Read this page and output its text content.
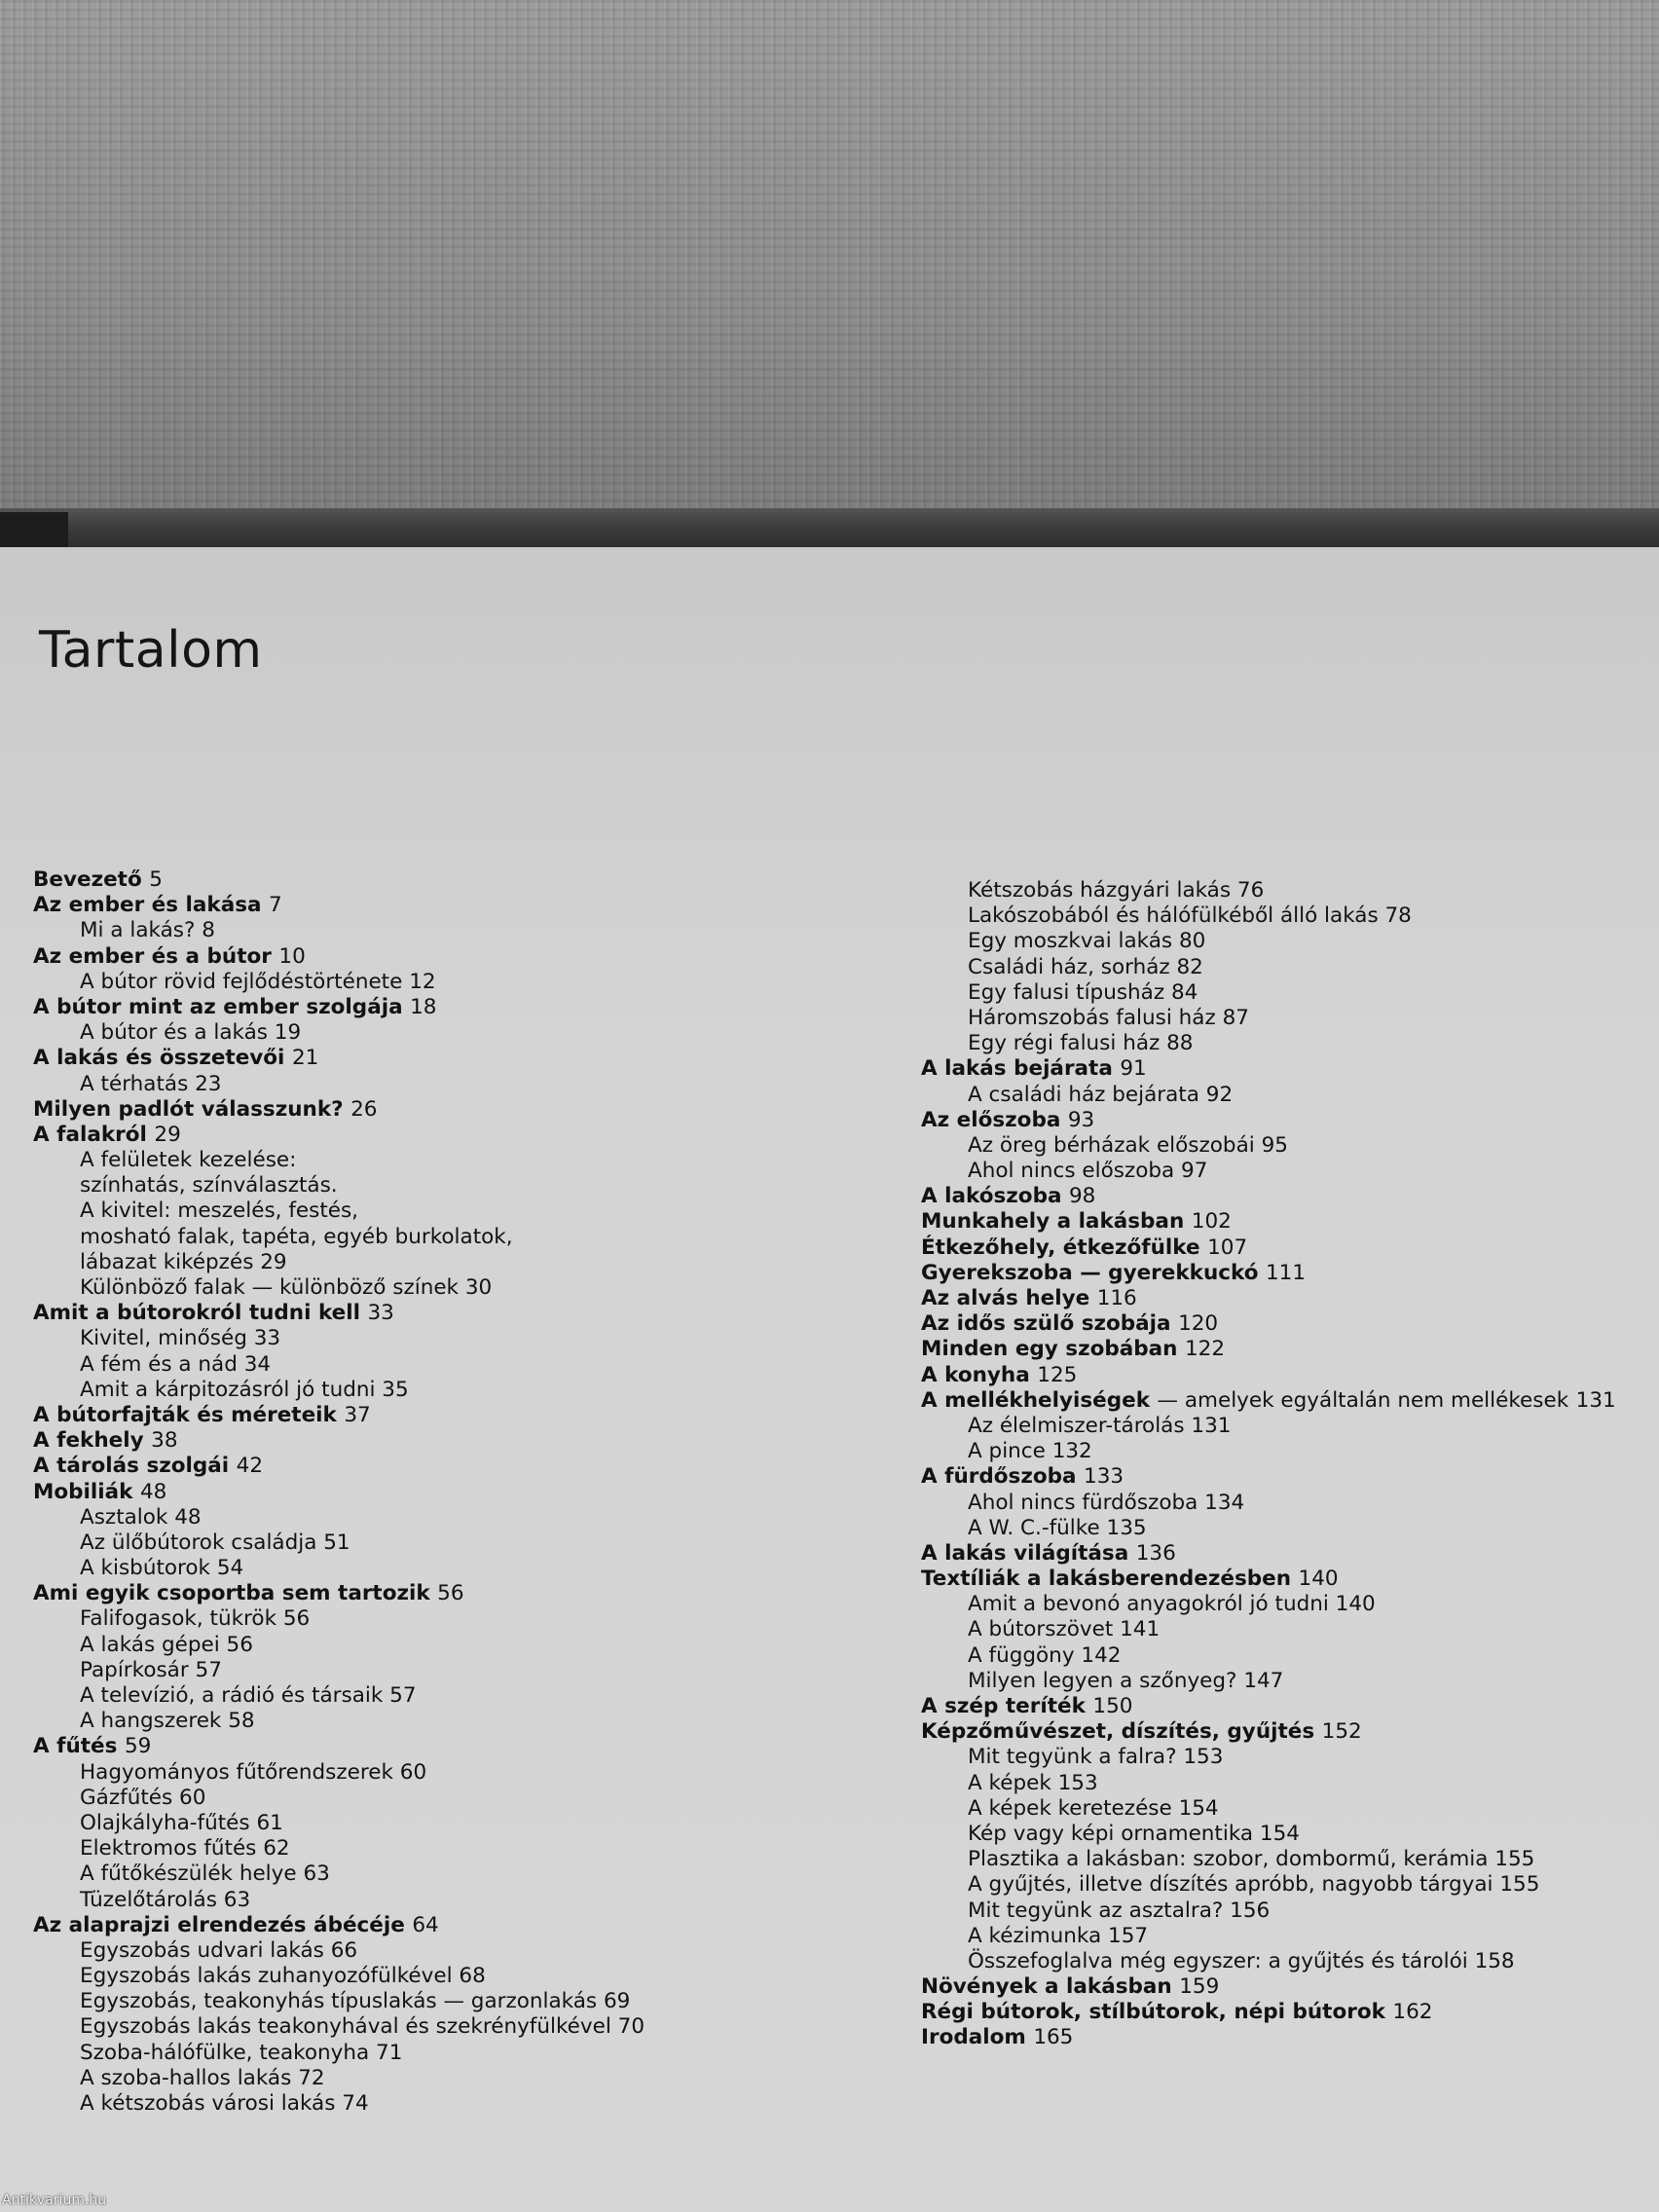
Tartalom
Bevezető 5
Az ember és lakása 7
Mi a lakás? 8
Az ember és a bútor 10
A bútor rövid fejlődéstörténete 12
A bútor mint az ember szolgája 18
A bútor és a lakás 19
A lakás és összetevői 21
A térhatás 23
Milyen padlót válasszunk? 26
A falakról 29
A felületek kezelése:
színhatás, színválasztás.
A kivitel: meszelés, festés,
mosható falak, tapéta, egyéb burkolatok,
lábazat kiképzés 29
Különböző falak — különböző színek 30
Amit a bútorokról tudni kell 33
Kivitel, minőség 33
A fém és a nád 34
Amit a kárpitozásról jó tudni 35
A bútorfajták és méreteik 37
A fekhely 38
A tárolás szolgái 42
Mobiliák 48
Asztalok 48
Az ülőbútorok családja 51
A kisbútorok 54
Ami egyik csoportba sem tartozik 56
Falifogasok, tükrök 56
A lakás gépei 56
Papírkosár 57
A televízió, a rádió és társaik 57
A hangszerek 58
A fűtés 59
Hagyományos fűtőrendszerek 60
Gázfűtés 60
Olajkályha-fűtés 61
Elektromos fűtés 62
A fűtőkészülék helye 63
Tüzelőtárolás 63
Az alaprajzi elrendezés ábécéje 64
Egyszobás udvari lakás 66
Egyszobás lakás zuhanyozófülkével 68
Egyszobás, teakonyhás típuslakás — garzonlakás 69
Egyszobás lakás teakonyhával és szekrényfülkével 70
Szoba-hálófülke, teakonyha 71
A szoba-hallos lakás 72
A kétszobás városi lakás 74
Kétszobás házgyári lakás 76
Lakószobából és hálófülkéből álló lakás 78
Egy moszkvai lakás 80
Családi ház, sorház 82
Egy falusi típusház 84
Háromszobás falusi ház 87
Egy régi falusi ház 88
A lakás bejárata 91
A családi ház bejárata 92
Az előszoba 93
Az öreg bérházak előszobái 95
Ahol nincs előszoba 97
A lakószoba 98
Munkahely a lakásban 102
Étkezőhely, étkezőfülke 107
Gyerekszoba — gyerekkuckó 111
Az alvás helye 116
Az idős szülő szobája 120
Minden egy szobában 122
A konyha 125
A mellékhelyiségek — amelyek egyáltalán nem mellékesek 131
Az élelmiszer-tárolás 131
A pince 132
A fürdőszoba 133
Ahol nincs fürdőszoba 134
A W. C.-fülke 135
A lakás világítása 136
Textíliák a lakásberendezésben 140
Amit a bevonó anyagokról jó tudni 140
A bútorszövet 141
A függöny 142
Milyen legyen a szőnyeg? 147
A szép teríték 150
Képzőművészet, díszítés, gyűjtés 152
Mit tegyünk a falra? 153
A képek 153
A képek keretezése 154
Kép vagy képi ornamentika 154
Plasztika a lakásban: szobor, dombormű, kerámia 155
A gyűjtés, illetve díszítés apróbb, nagyobb tárgyai 155
Mit tegyünk az asztalra? 156
A kézimunka 157
Összefoglalva még egyszer: a gyűjtés és tárolói 158
Növények a lakásban 159
Régi bútorok, stílbútorok, népi bútorok 162
Irodalom 165
Antikvarium.hu
